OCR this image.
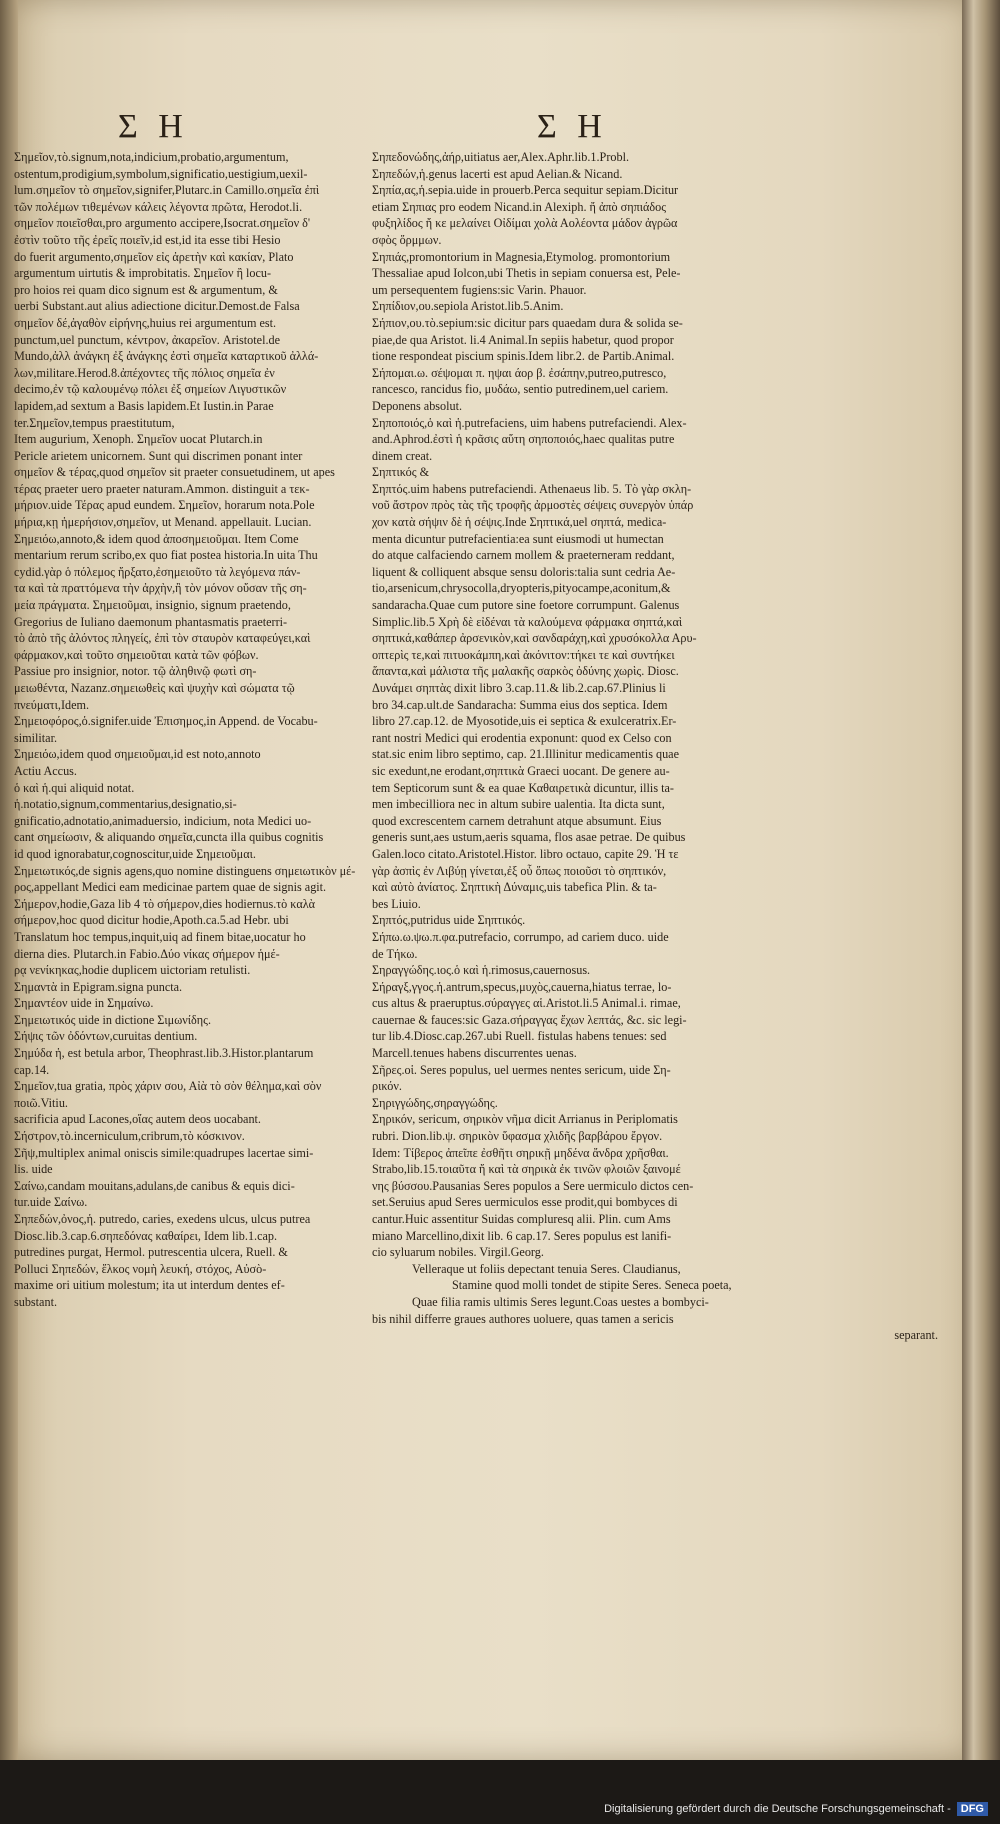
Σ Η	Σ Η

Σημεῖον,τὸ.signum,nota,indicium,probatio,argumentum,

ostentum,prodigium,symbolum,significatio,uestigium,uexil-

lum.σημεῖον τὸ σημεῖον,signifer,Plutarc.in Camillo.σημεῖα ἐπὶ

τῶν πολέμων τιθεμένων κάλεις λέγοντα πρῶτα, Herodot.li.

σημεῖον ποιεῖσθαι,pro argumento accipere,Isocrat.σημεῖον δ'

ἐστὶν τοῦτο τῆς ἐρεῖς ποιεῖν,id est,id ita esse tibi Hesio

do fuerit argumento,σημεῖον εἰς ἀρετὴν καὶ κακίαν, Plato

argumentum uirtutis & improbitatis. Σημεῖον ἢ locu-

pro hoios rei quam dico signum est & argumentum, &

uerbi Substant.aut alius adiectione dicitur.Demost.de Falsa

σημεῖον δέ,ἀγαθὸν εἰρήνης,huius rei argumentum est.

punctum,uel punctum, κέντρον, ἀκαρεῖον. Aristotel.de

Mundo,ἀλλ ἀνάγκη ἐξ ἀνάγκης ἐστὶ σημεῖα καταρτικοῦ ἀλλά-

λων,militare.Herod.8.ἀπέχοντες τῆς πόλιος σημεῖα ἐν

decimo,ἐν τῷ καλουμένῳ πόλει ἐξ σημείων Λιγυστικῶν

lapidem,ad sextum a Basis lapidem.Et Iustin.in Parae

ter.Σημεῖον,tempus praestitutum,

Item augurium, Xenoph. Σημεῖον uocat Plutarch.in

Pericle arietem unicornem. Sunt qui discrimen ponant inter

σημεῖον & τέρας,quod σημεῖον sit praeter consuetudinem, ut apes

τέρας praeter uero praeter naturam.Ammon. distinguit a τεκ-

μήριον.uide Τέρας apud eundem. Σημεῖον, horarum nota.Pole

μήρια,κῃ ἡμερήσιον,σημεῖον, ut Menand. appellauit. Lucian.

Σημειόω,annoto,& idem quod ἀποσημειοῦμαι. Item Come

mentarium rerum scribo,ex quo fiat postea historia.In uita Thu

cydid.γὰρ ὁ πόλεμος ἤρξατο,ἐσημειοῦτο τὰ λεγόμενα πάν-

τα καὶ τὰ πραττόμενα τὴν ἀρχὴν,ἢ τὸν μόνον οὔσαν τῆς ση-

μεία πράγματα. Σημειοῦμαι, insignio, signum praetendo,

Gregorius de Iuliano daemonum phantasmatis praeterri-

τὸ ἀπὸ τῆς ἀλόντος πληγείς, ἐπὶ τὸν σταυρὸν καταφεύγει,καὶ

φάρμακον,καὶ τοῦτο σημειοῦται κατὰ τῶν φόβων.

Passiue pro insignior, notor. τῷ ἀληθινῷ φωτὶ ση-

μειωθέντα, Nazanz.σημειωθεὶς καὶ ψυχὴν καὶ σώματα τῷ

πνεύματι,Idem.

Σημειοφόρος,ὁ.signifer.uide Ἐπισημος,in Append. de Vocabu-

similitar.

Σημειόω,idem quod σημειοῦμαι,id est noto,annoto

Actiu Accus.

ὁ καὶ ἡ.qui aliquid notat.

ἡ.notatio,signum,commentarius,designatio,si-

gnificatio,adnotatio,animaduersio, indicium, nota Medici uo-

cant σημείωσιν, & aliquando σημεῖα,cuncta illa quibus cognitis

id quod ignorabatur,cognoscitur,uide Σημειοῦμαι.

Σημειωτικός,de signis agens,quo nomine distinguens σημειωτικὸν μέ-

ρος,appellant Medici eam medicinae partem quae de signis agit.

Σήμερον,hodie,Gaza lib 4 τὸ σήμερον,dies hodiernus.τὸ καλὰ

σήμερον,hoc quod dicitur hodie,Apoth.ca.5.ad Hebr. ubi

Translatum hoc tempus,inquit,uiq ad finem bitae,uocatur ho

dierna dies. Plutarch.in Fabio.Δύο νίκας σήμερον ἡμέ-

ρᾳ νενίκηκας,hodie duplicem uictoriam retulisti.

Σημαντὰ in Epigram.signa puncta.

Σημαντέον uide in Σημαίνω.

Σημειωτικός uide in dictione Σιμωνίδης.

Σήψις τῶν ὀδόντων,curuitas dentium.

Σημύδα ἡ, est betula arbor, Theophrast.lib.3.Histor.plantarum

cap.14.

Σημεῖον,tua gratia, πρὸς χάριν σου, Αἰὰ τὸ σὸν θέλημα,καὶ σὸν

ποιῶ.Vitiu.

sacrificia apud Lacones,οἵας autem deos uocabant.

Σήστρον,τὸ.incerniculum,cribrum,τὸ κόσκινον.

Σῆψ,multiplex animal oniscis simile:quadrupes lacertae simi-

lis. uide

Σαίνω,candam mouitans,adulans,de canibus & equis dici-

tur.uide Σαίνω.

Σηπεδών,ὀνος,ἡ. putredo, caries, exedens ulcus, ulcus putrea

Diosc.lib.3.cap.6.σηπεδόνας καθαίρει, Idem lib.1.cap.

putredines purgat, Hermol. putrescentia ulcera, Ruell. &

Polluci Σηπεδών, ἕλκος νομὴ λευκή, στόχος, Αὐσὸ-

maxime ori uitium molestum; ita ut interdum dentes ef-

substant.

Σηπεδονώδης,ἀήρ,uitiatus aer,Alex.Aphr.lib.1.Probl.

Σηπεδών,ἡ.genus lacerti est apud Aelian.& Nicand.

Σηπία,ας,ἡ.sepia.uide in prouerb.Perca sequitur sepiam.Dicitur

etiam Σηπιας pro eodem Nicand.in Alexiph. ἤ ἀπὸ σηπιάδος

φυξηλίδος ἤ κε μελαίνει Οἰδίμαι χολὰ Αολέοντα μάδον ἀγρῶα

σφὸς ὅρμμων.

Σηπιάς,promontorium in Magnesia,Etymolog. promontorium

Thessaliae apud Iolcon,ubi Thetis in sepiam conuersa est, Pele-

um persequentem fugiens:sic Varin. Phauor.

Σηπίδιον,ου.sepiola Aristot.lib.5.Anim.

Σήπιον,ου.τὸ.sepium:sic dicitur pars quaedam dura & solida se-

piae,de qua Aristot. li.4 Animal.In sepiis habetur, quod propor

tione respondeat piscium spinis.Idem libr.2. de Partib.Animal.

Σήπομαι.ω. σέψομαι π. ηψαι άορ β. ἐσάπην,putreo,putresco,

rancesco, rancidus fio, μυδάω, sentio putredinem,uel cariem.

Deponens absolut.

Σηποποιός,ὁ καὶ ἡ.putrefaciens, uim habens putrefaciendi. Alex-

and.Aphrod.ἐστὶ ἡ κρᾶσις αὕτη σηποποιός,haec qualitas putre

dinem creat.

Σηπτικός &

Σηπτός.uim habens putrefaciendi. Athenaeus lib. 5. Τὸ γὰρ σκλη-

νοῦ ἄστρον πρὸς τὰς τῆς τροφῆς ἀρμοστὲς σέψεις συνεργὸν ὑπάρ

χον κατὰ σήψιν δὲ ἡ σέψις.Inde Σηπτικά,uel σηπτά, medica-

menta dicuntur putrefacientia:ea sunt eiusmodi ut humectan

do atque calfaciendo carnem mollem & praeterneram reddant,

liquent & colliquent absque sensu doloris:talia sunt cedria Ae-

tio,arsenicum,chrysocolla,dryopteris,pityocampe,aconitum,&

sandaracha.Quae cum putore sine foetore corrumpunt. Galenus

Simplic.lib.5 Χρὴ δὲ εἰδέναι τὰ καλούμενα φάρμακα σηπτά,καὶ

σηπτικά,καθάπερ ἀρσενικὸν,καὶ σανδαράχη,καὶ χρυσόκολλα Αρυ-

οπτερὶς τε,καὶ πιτυοκάμπη,καὶ ἀκόνιτον:τήκει τε καὶ συντήκει

ἅπαντα,καὶ μάλιστα τῆς μαλακῆς σαρκὸς ὀδύνης χωρὶς. Diosc.

Δυνάμει σηπτὰς dixit libro 3.cap.11.& lib.2.cap.67.Plinius li

bro 34.cap.ult.de Sandaracha: Summa eius dos septica. Idem

libro 27.cap.12. de Myosotide,uis ei septica & exulceratrix.Er-

rant nostri Medici qui erodentia exponunt: quod ex Celso con

stat.sic enim libro septimo, cap. 21.Illinitur medicamentis quae

sic exedunt,ne erodant,σηπτικὰ Graeci uocant. De genere au-

tem Septicorum sunt & ea quae Καθαιρετικὰ dicuntur, illis ta-

men imbecilliora nec in altum subire ualentia. Ita dicta sunt,

quod excrescentem carnem detrahunt atque absumunt. Eius

generis sunt,aes ustum,aeris squama, flos asae petrae. De quibus

Galen.loco citato.Aristotel.Histor. libro octauo, capite 29. Ἡ τε

γὰρ ἀσπὶς ἐν Λιβύῃ γίνεται,ἐξ οὗ ὅπως ποιοῦσι τὸ σηπτικόν,

καὶ αὐτὸ ἀνίατος. Σηπτικὴ Δύναμις,uis tabefica Plin. & ta-

bes Liuio.

Σηπτός,putridus uide Σηπτικός.

Σήπω.ω.ψω.π.φα.putrefacio, corrumpo, ad cariem duco. uide

de Τήκω.

Σηραγγώδης.ιος.ὁ καὶ ἡ.rimosus,cauernosus.

Σήραγξ,γγος.ἡ.antrum,specus,μυχὸς,cauerna,hiatus terrae, lo-

cus altus & praeruptus.σύραγγες αἱ.Aristot.li.5 Animal.i. rimae,

cauernae & fauces:sic Gaza.σήραγγας ἔχων λεπτάς, &c. sic legi-

tur lib.4.Diosc.cap.267.ubi Ruell. fistulas habens tenues: sed

Marcell.tenues habens discurrentes uenas.

Σῆρες.οἱ. Seres populus, uel uermes nentes sericum, uide Ση-

ρικόν.

Σηριγγώδης,σηραγγώδης.

Σηρικόν, sericum, σηρικὸν νῆμα dicit Arrianus in Periplomatis

rubri. Dion.lib.ψ. σηρικὸν ὕφασμα χλιδῆς βαρβάρου ἔργον.

Idem: Τίβερος ἀπεῖπε ἐσθῆτι σηρικῇ μηδένα ἄνδρα χρῆσθαι.

Strabo,lib.15.τοιαῦτα ἤ καὶ τὰ σηρικὰ ἐκ τινῶν φλοιῶν ξαινομέ

νης βύσσου.Pausanias Seres populos a Sere uermiculo dictos cen-

set.Seruius apud Seres uermiculos esse prodit,qui bombyces di

cantur.Huic assentitur Suidas compluresq alii. Plin. cum Ams

miano Marcellino,dixit lib. 6 cap.17. Seres populus est lanifi-

cio syluarum nobiles. Virgil.Georg.

Velleraque ut foliis depectant tenuia Seres. Claudianus,

Stamine quod molli tondet de stipite Seres. Seneca poeta,

Quae filia ramis ultimis Seres legunt.Coas uestes a bombyci-

bis nihil differre graues authores uoluere, quas tamen a sericis

separant.

Digitalisierung gefördert durch die Deutsche Forschungsgemeinschaft - DFG
